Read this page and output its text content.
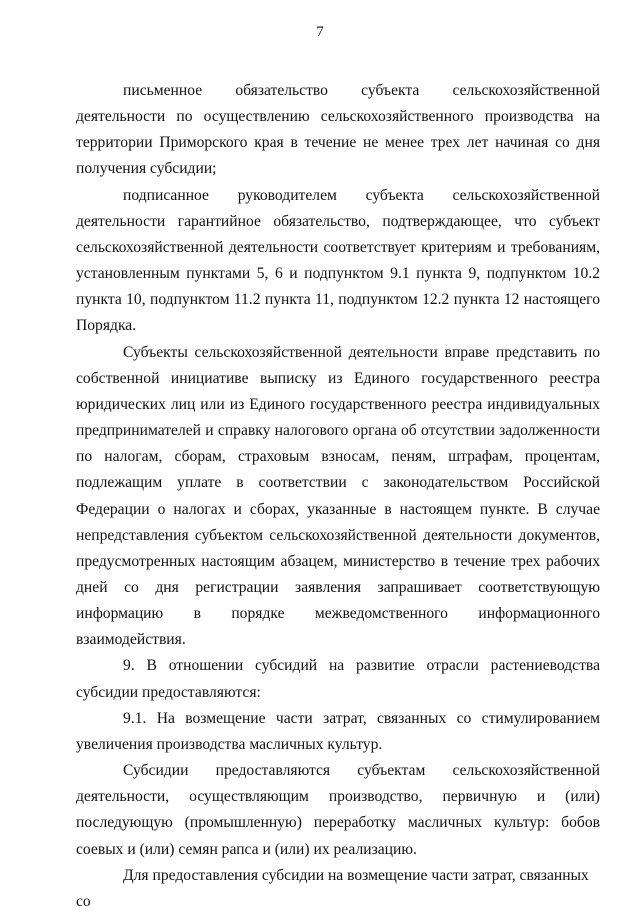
7

письменное обязательство субъекта сельскохозяйственной деятельности по осуществлению сельскохозяйственного производства на территории Приморского края в течение не менее трех лет начиная со дня получения субсидии;

подписанное руководителем субъекта сельскохозяйственной деятельности гарантийное обязательство, подтверждающее, что субъект сельскохозяйственной деятельности соответствует критериям и требованиям, установленным пунктами 5, 6 и подпунктом 9.1 пункта 9, подпунктом 10.2 пункта 10, подпунктом 11.2 пункта 11, подпунктом 12.2 пункта 12 настоящего Порядка.

Субъекты сельскохозяйственной деятельности вправе представить по собственной инициативе выписку из Единого государственного реестра юридических лиц или из Единого государственного реестра индивидуальных предпринимателей и справку налогового органа об отсутствии задолженности по налогам, сборам, страховым взносам, пеням, штрафам, процентам, подлежащим уплате в соответствии с законодательством Российской Федерации о налогах и сборах, указанные в настоящем пункте. В случае непредставления субъектом сельскохозяйственной деятельности документов, предусмотренных настоящим абзацем, министерство в течение трех рабочих дней со дня регистрации заявления запрашивает соответствующую информацию в порядке межведомственного информационного взаимодействия.

9. В отношении субсидий на развитие отрасли растениеводства субсидии предоставляются:

9.1. На возмещение части затрат, связанных со стимулированием увеличения производства масличных культур.

Субсидии предоставляются субъектам сельскохозяйственной деятельности, осуществляющим производство, первичную и (или) последующую (промышленную) переработку масличных культур: бобов соевых и (или) семян рапса и (или) их реализацию.

Для предоставления субсидии на возмещение части затрат, связанных со
